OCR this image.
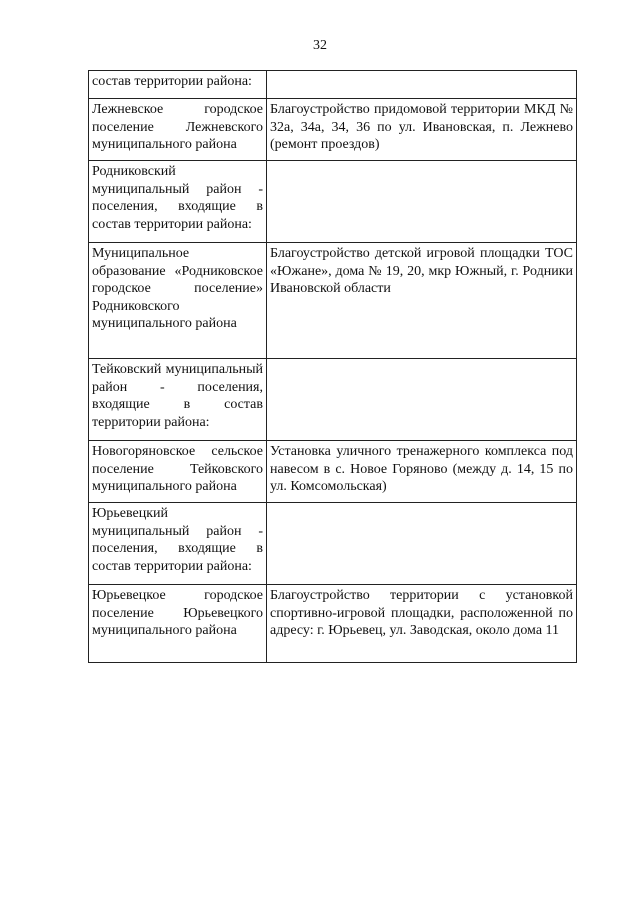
32
состав территории района:	

Лежневское городское поселение Лежневского муниципального района	Благоустройство придомовой территории МКД № 32а, 34а, 34, 36 по ул. Ивановская, п. Лежнево (ремонт проездов)

Родниковский муниципальный район - поселения, входящие в состав территории района:	

Муниципальное образование «Родниковское городское поселение» Родниковского муниципального района	Благоустройство детской игровой площадки ТОС «Южане», дома № 19, 20, мкр Южный, г. Родники Ивановской области

Тейковский муниципальный район - поселения, входящие в состав территории района:	

Новогоряновское сельское поселение Тейковского муниципального района	Установка уличного тренажерного комплекса под навесом в с. Новое Горяново (между д. 14, 15 по ул. Комсомольская)

Юрьевецкий муниципальный район - поселения, входящие в состав территории района:	

Юрьевецкое городское поселение Юрьевецкого муниципального района	Благоустройство территории с установкой спортивно-игровой площадки, расположенной по адресу: г. Юрьевец, ул. Заводская, около дома 11
